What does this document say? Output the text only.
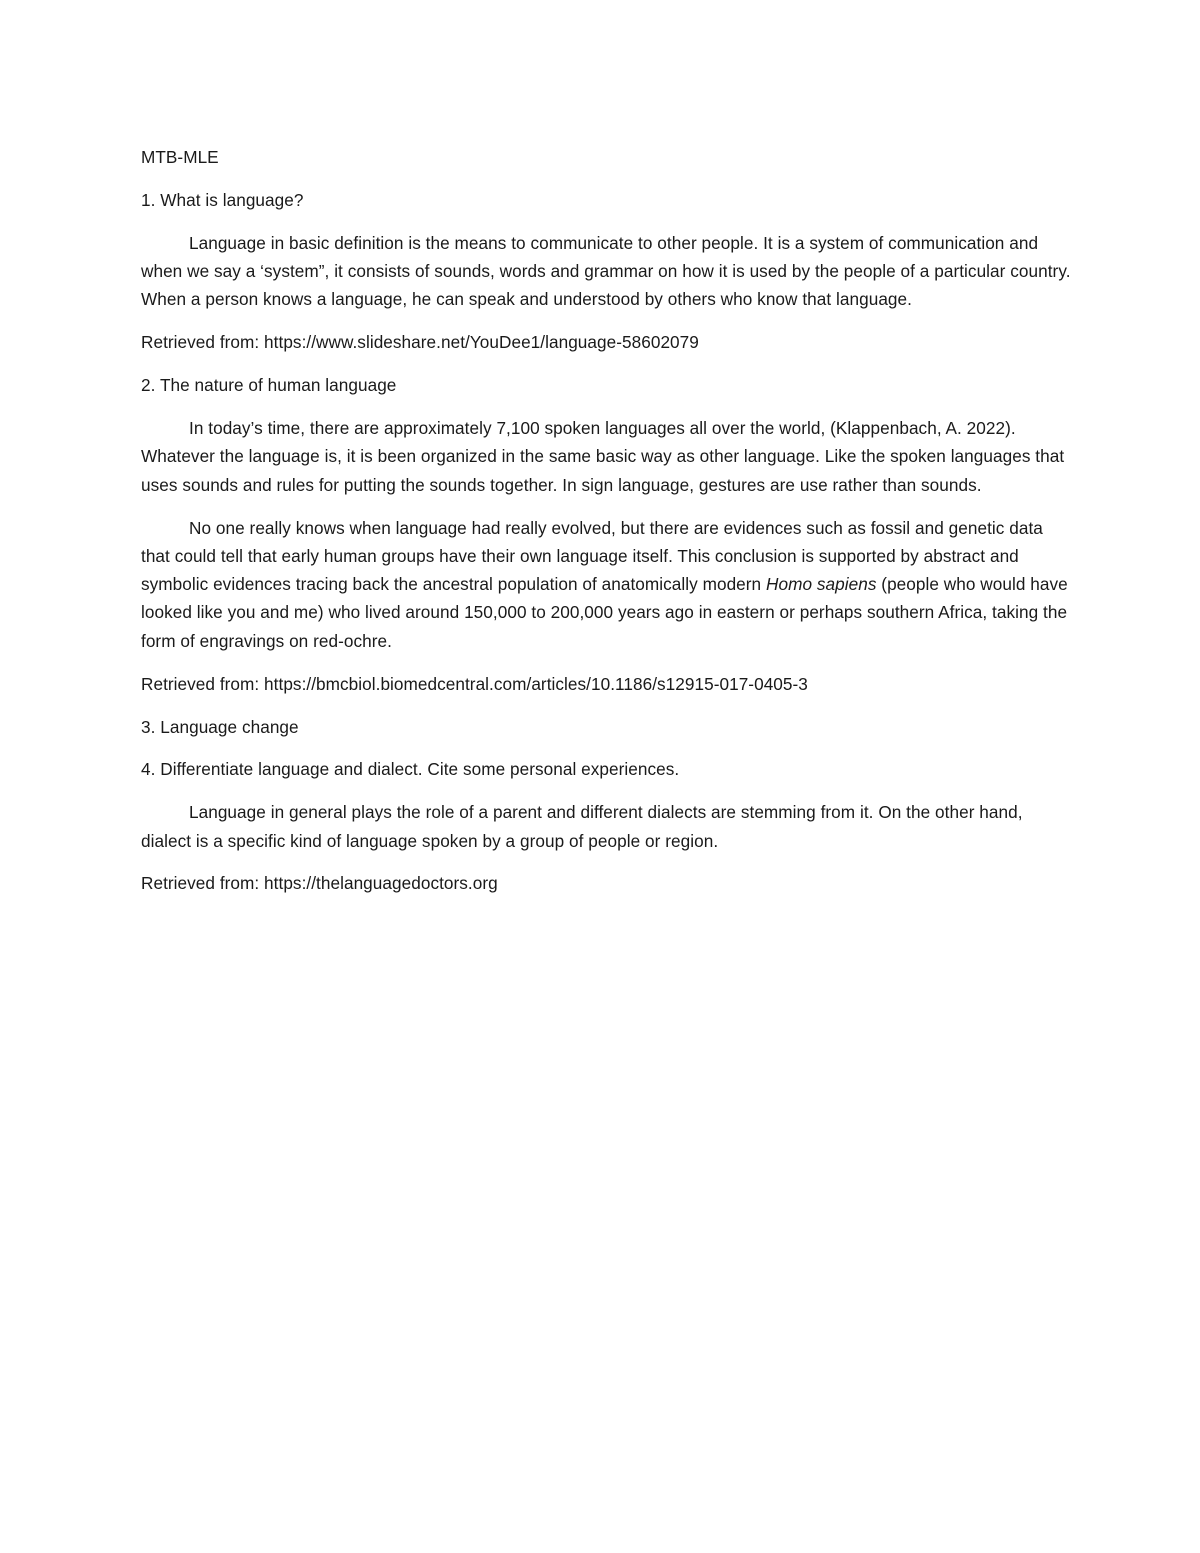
MTB-MLE

1. What is language?

Language in basic definition is the means to communicate to other people. It is a system of communication and when we say a ‘system”, it consists of sounds, words and grammar on how it is used by the people of a particular country. When a person knows a language, he can speak and understood by others who know that language.

Retrieved from: https://www.slideshare.net/YouDee1/language-58602079

2. The nature of human language

In today’s time, there are approximately 7,100 spoken languages all over the world, (Klappenbach, A. 2022). Whatever the language is, it is been organized in the same basic way as other language. Like the spoken languages that uses sounds and rules for putting the sounds together. In sign language, gestures are use rather than sounds.

No one really knows when language had really evolved, but there are evidences such as fossil and genetic data that could tell that early human groups have their own language itself. This conclusion is supported by abstract and symbolic evidences tracing back the ancestral population of anatomically modern Homo sapiens (people who would have looked like you and me) who lived around 150,000 to 200,000 years ago in eastern or perhaps southern Africa, taking the form of engravings on red-ochre.

Retrieved from: https://bmcbiol.biomedcentral.com/articles/10.1186/s12915-017-0405-3

3. Language change

4. Differentiate language and dialect. Cite some personal experiences.

Language in general plays the role of a parent and different dialects are stemming from it. On the other hand, dialect is a specific kind of language spoken by a group of people or region.

Retrieved from: https://thelanguagedoctors.org
